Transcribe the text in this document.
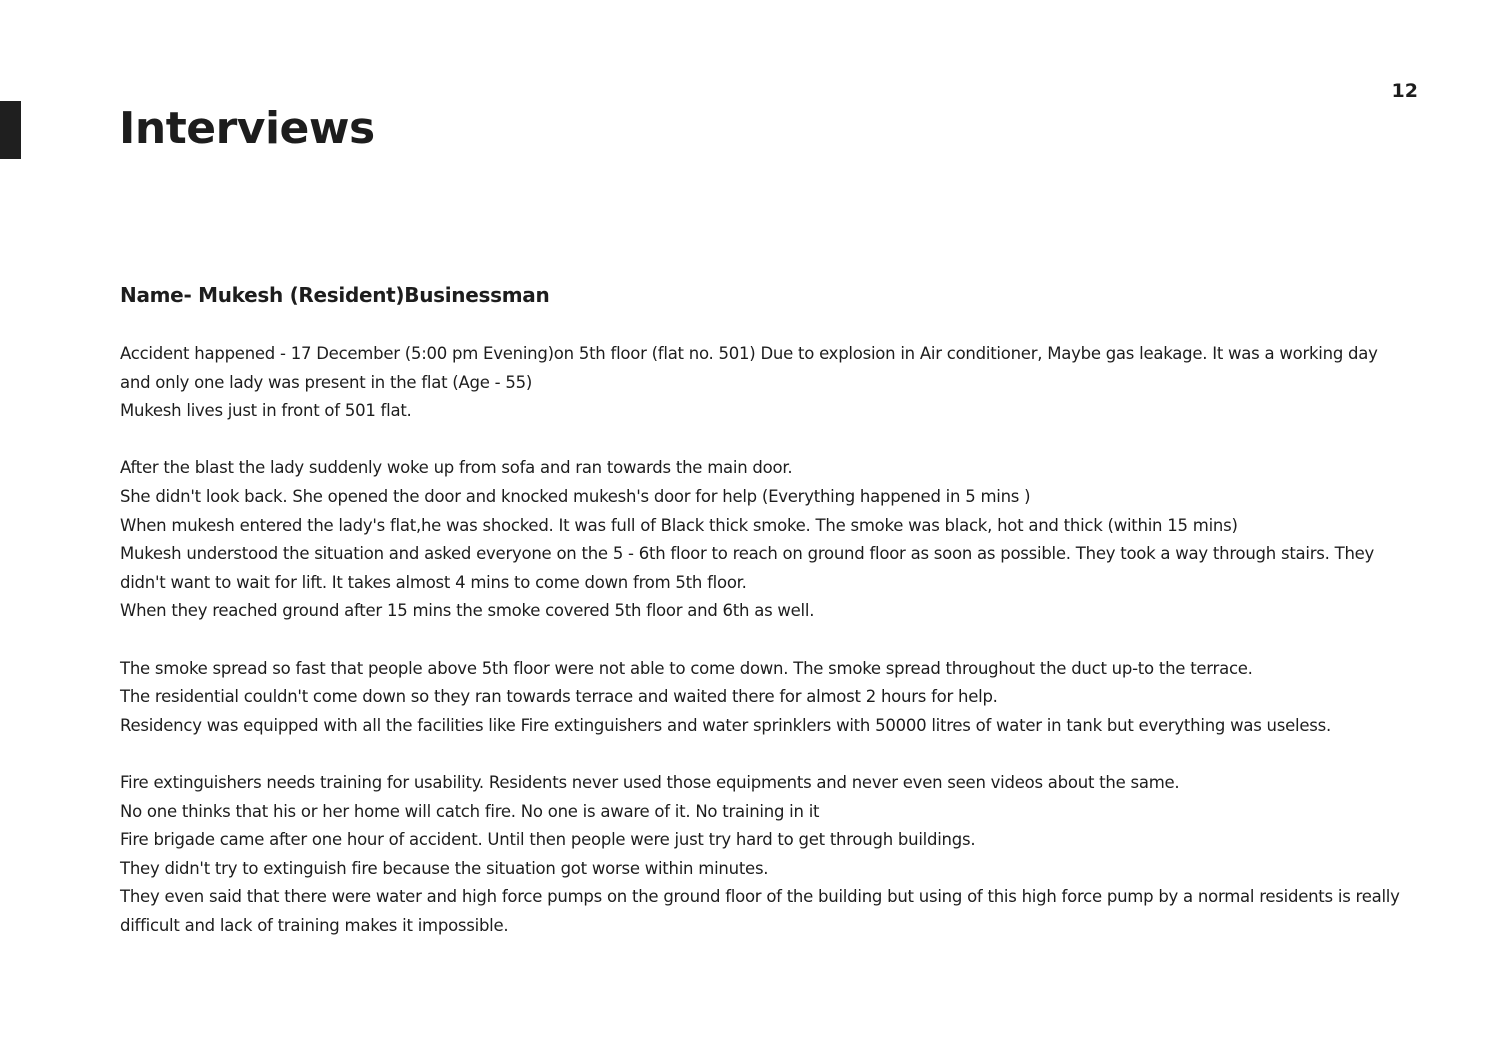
12
Interviews
Name- Mukesh (Resident)Businessman

Accident happened - 17 December (5:00 pm Evening)on 5th floor (flat no. 501) Due to explosion in Air conditioner, Maybe gas leakage. It was a working day and only one lady was present in the flat (Age - 55)
Mukesh lives just in front of 501 flat.

After the blast the lady suddenly woke up from sofa and ran towards the main door.
She didn't look back. She opened the door and knocked mukesh's door for help (Everything happened in 5 mins )
When mukesh entered the lady's flat,he was shocked. It was full of Black thick smoke. The smoke was black, hot and thick (within 15 mins)
Mukesh understood the situation and asked everyone on the 5 - 6th floor to reach on ground floor as soon as possible. They took a way through stairs. They didn't want to wait for lift. It takes almost 4 mins to come down from 5th floor.
When they reached ground after 15 mins the smoke covered 5th floor and 6th as well.

The smoke spread so fast that people above 5th floor were not able to come down. The smoke spread throughout the duct up-to the terrace.
The residential couldn't come down so they ran towards terrace and waited there for almost 2 hours for help.
Residency was equipped with all the facilities like Fire extinguishers and water sprinklers with 50000 litres of water in tank but everything was useless.

Fire extinguishers needs training for usability. Residents never used those equipments and never even seen videos about the same.
No one thinks that his or her home will catch fire. No one is aware of it. No training in it
Fire brigade came after one hour of accident. Until then people were just try hard to get through buildings.
They didn't try to extinguish fire because the situation got worse within minutes.
They even said that there were water and high force pumps on the ground floor of the building but using of this high force pump by a normal residents is really difficult and lack of training makes it impossible.
